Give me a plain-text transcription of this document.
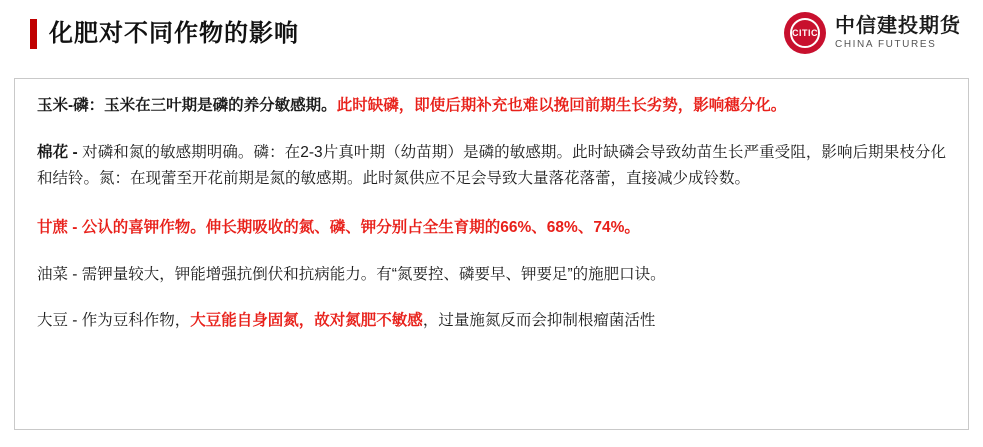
化肥对不同作物的影响	CITIC 中信建投期货
CHINA FUTURES

玉米-磷：玉米在三叶期是磷的养分敏感期。此时缺磷，即使后期补充也难以挽回前期生长劣势，影响穗分化。

棉花 - 对磷和氮的敏感期明确。磷：在2-3片真叶期（幼苗期）是磷的敏感期。此时缺磷会导致幼苗生长严重受阻，影响后期果枝分化和结铃。氮：在现蕾至开花前期是氮的敏感期。此时氮供应不足会导致大量落花落蕾，直接减少成铃数。

甘蔗 - 公认的喜钾作物。伸长期吸收的氮、磷、钾分别占全生育期的66%、68%、74%。

油菜 - 需钾量较大，钾能增强抗倒伏和抗病能力。有“氮要控、磷要早、钾要足”的施肥口诀。

大豆 - 作为豆科作物，大豆能自身固氮，故对氮肥不敏感，过量施氮反而会抑制根瘤菌活性
